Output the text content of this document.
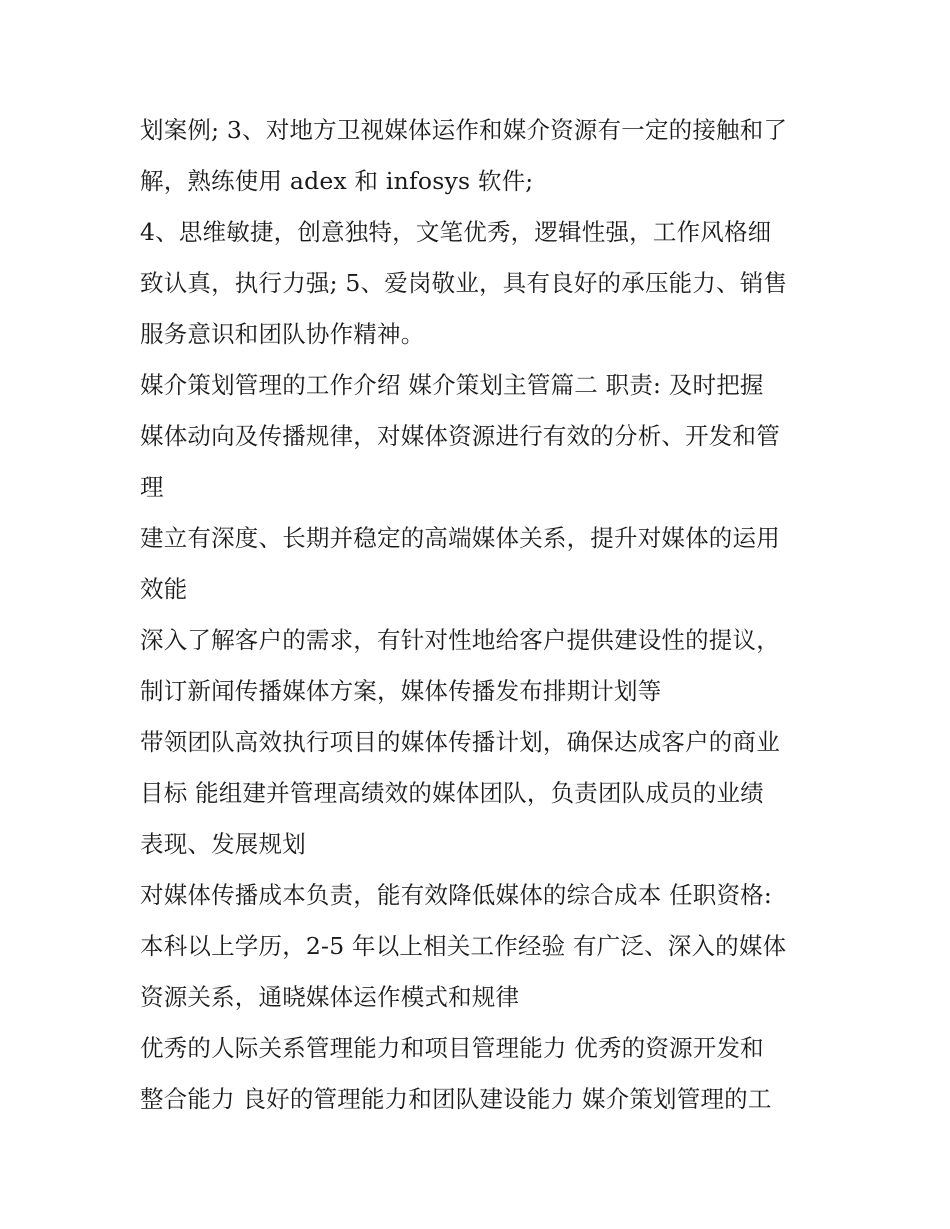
划案例; 3、对地方卫视媒体运作和媒介资源有一定的接触和了
解，熟练使用 adex 和 infosys 软件;
4、思维敏捷，创意独特，文笔优秀，逻辑性强，工作风格细
致认真，执行力强; 5、爱岗敬业，具有良好的承压能力、销售
服务意识和团队协作精神。
媒介策划管理的工作介绍 媒介策划主管篇二 职责: 及时把握
媒体动向及传播规律，对媒体资源进行有效的分析、开发和管
理
建立有深度、长期并稳定的高端媒体关系，提升对媒体的运用
效能
深入了解客户的需求，有针对性地给客户提供建设性的提议，
制订新闻传播媒体方案，媒体传播发布排期计划等
带领团队高效执行项目的媒体传播计划，确保达成客户的商业
目标 能组建并管理高绩效的媒体团队，负责团队成员的业绩
表现、发展规划
对媒体传播成本负责，能有效降低媒体的综合成本 任职资格:
本科以上学历，2-5 年以上相关工作经验 有广泛、深入的媒体
资源关系，通晓媒体运作模式和规律
优秀的人际关系管理能力和项目管理能力 优秀的资源开发和
整合能力 良好的管理能力和团队建设能力 媒介策划管理的工
